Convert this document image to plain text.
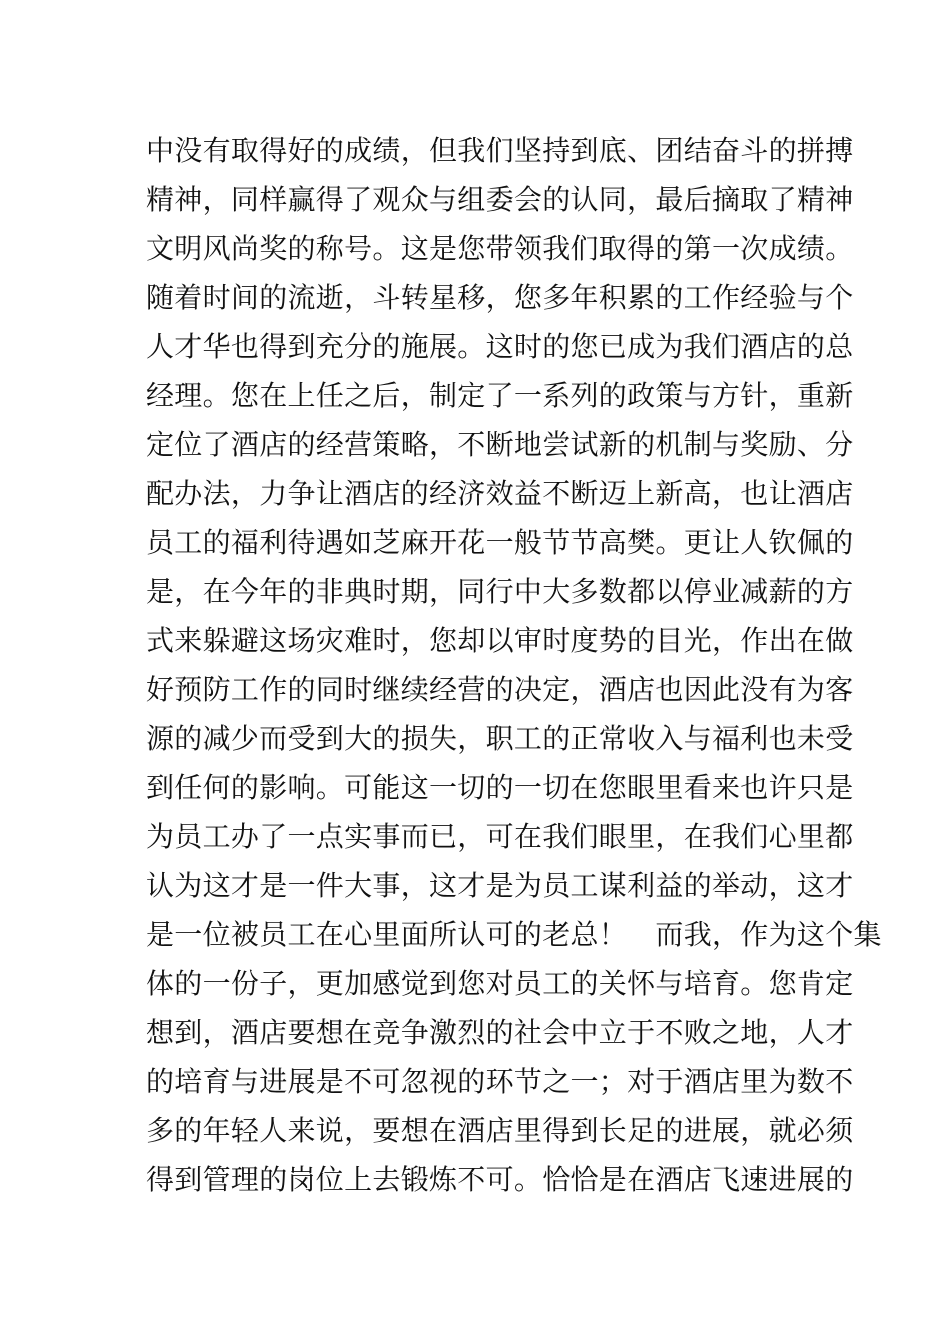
中没有取得好的成绩，但我们坚持到底、团结奋斗的拼搏
精神，同样赢得了观众与组委会的认同，最后摘取了精神
文明风尚奖的称号。这是您带领我们取得的第一次成绩。
随着时间的流逝，斗转星移，您多年积累的工作经验与个
人才华也得到充分的施展。这时的您已成为我们酒店的总
经理。您在上任之后，制定了一系列的政策与方针，重新
定位了酒店的经营策略，不断地尝试新的机制与奖励、分
配办法，力争让酒店的经济效益不断迈上新高，也让酒店
员工的福利待遇如芝麻开花一般节节高樊。更让人钦佩的
是，在今年的非典时期，同行中大多数都以停业减薪的方
式来躲避这场灾难时，您却以审时度势的目光，作出在做
好预防工作的同时继续经营的决定，酒店也因此没有为客
源的减少而受到大的损失，职工的正常收入与福利也未受
到任何的影响。可能这一切的一切在您眼里看来也许只是
为员工办了一点实事而已，可在我们眼里，在我们心里都
认为这才是一件大事，这才是为员工谋利益的举动，这才
是一位被员工在心里面所认可的老总！　而我，作为这个集
体的一份子，更加感觉到您对员工的关怀与培育。您肯定
想到，酒店要想在竞争激烈的社会中立于不败之地，人才
的培育与进展是不可忽视的环节之一；对于酒店里为数不
多的年轻人来说，要想在酒店里得到长足的进展，就必须
得到管理的岗位上去锻炼不可。恰恰是在酒店飞速进展的
